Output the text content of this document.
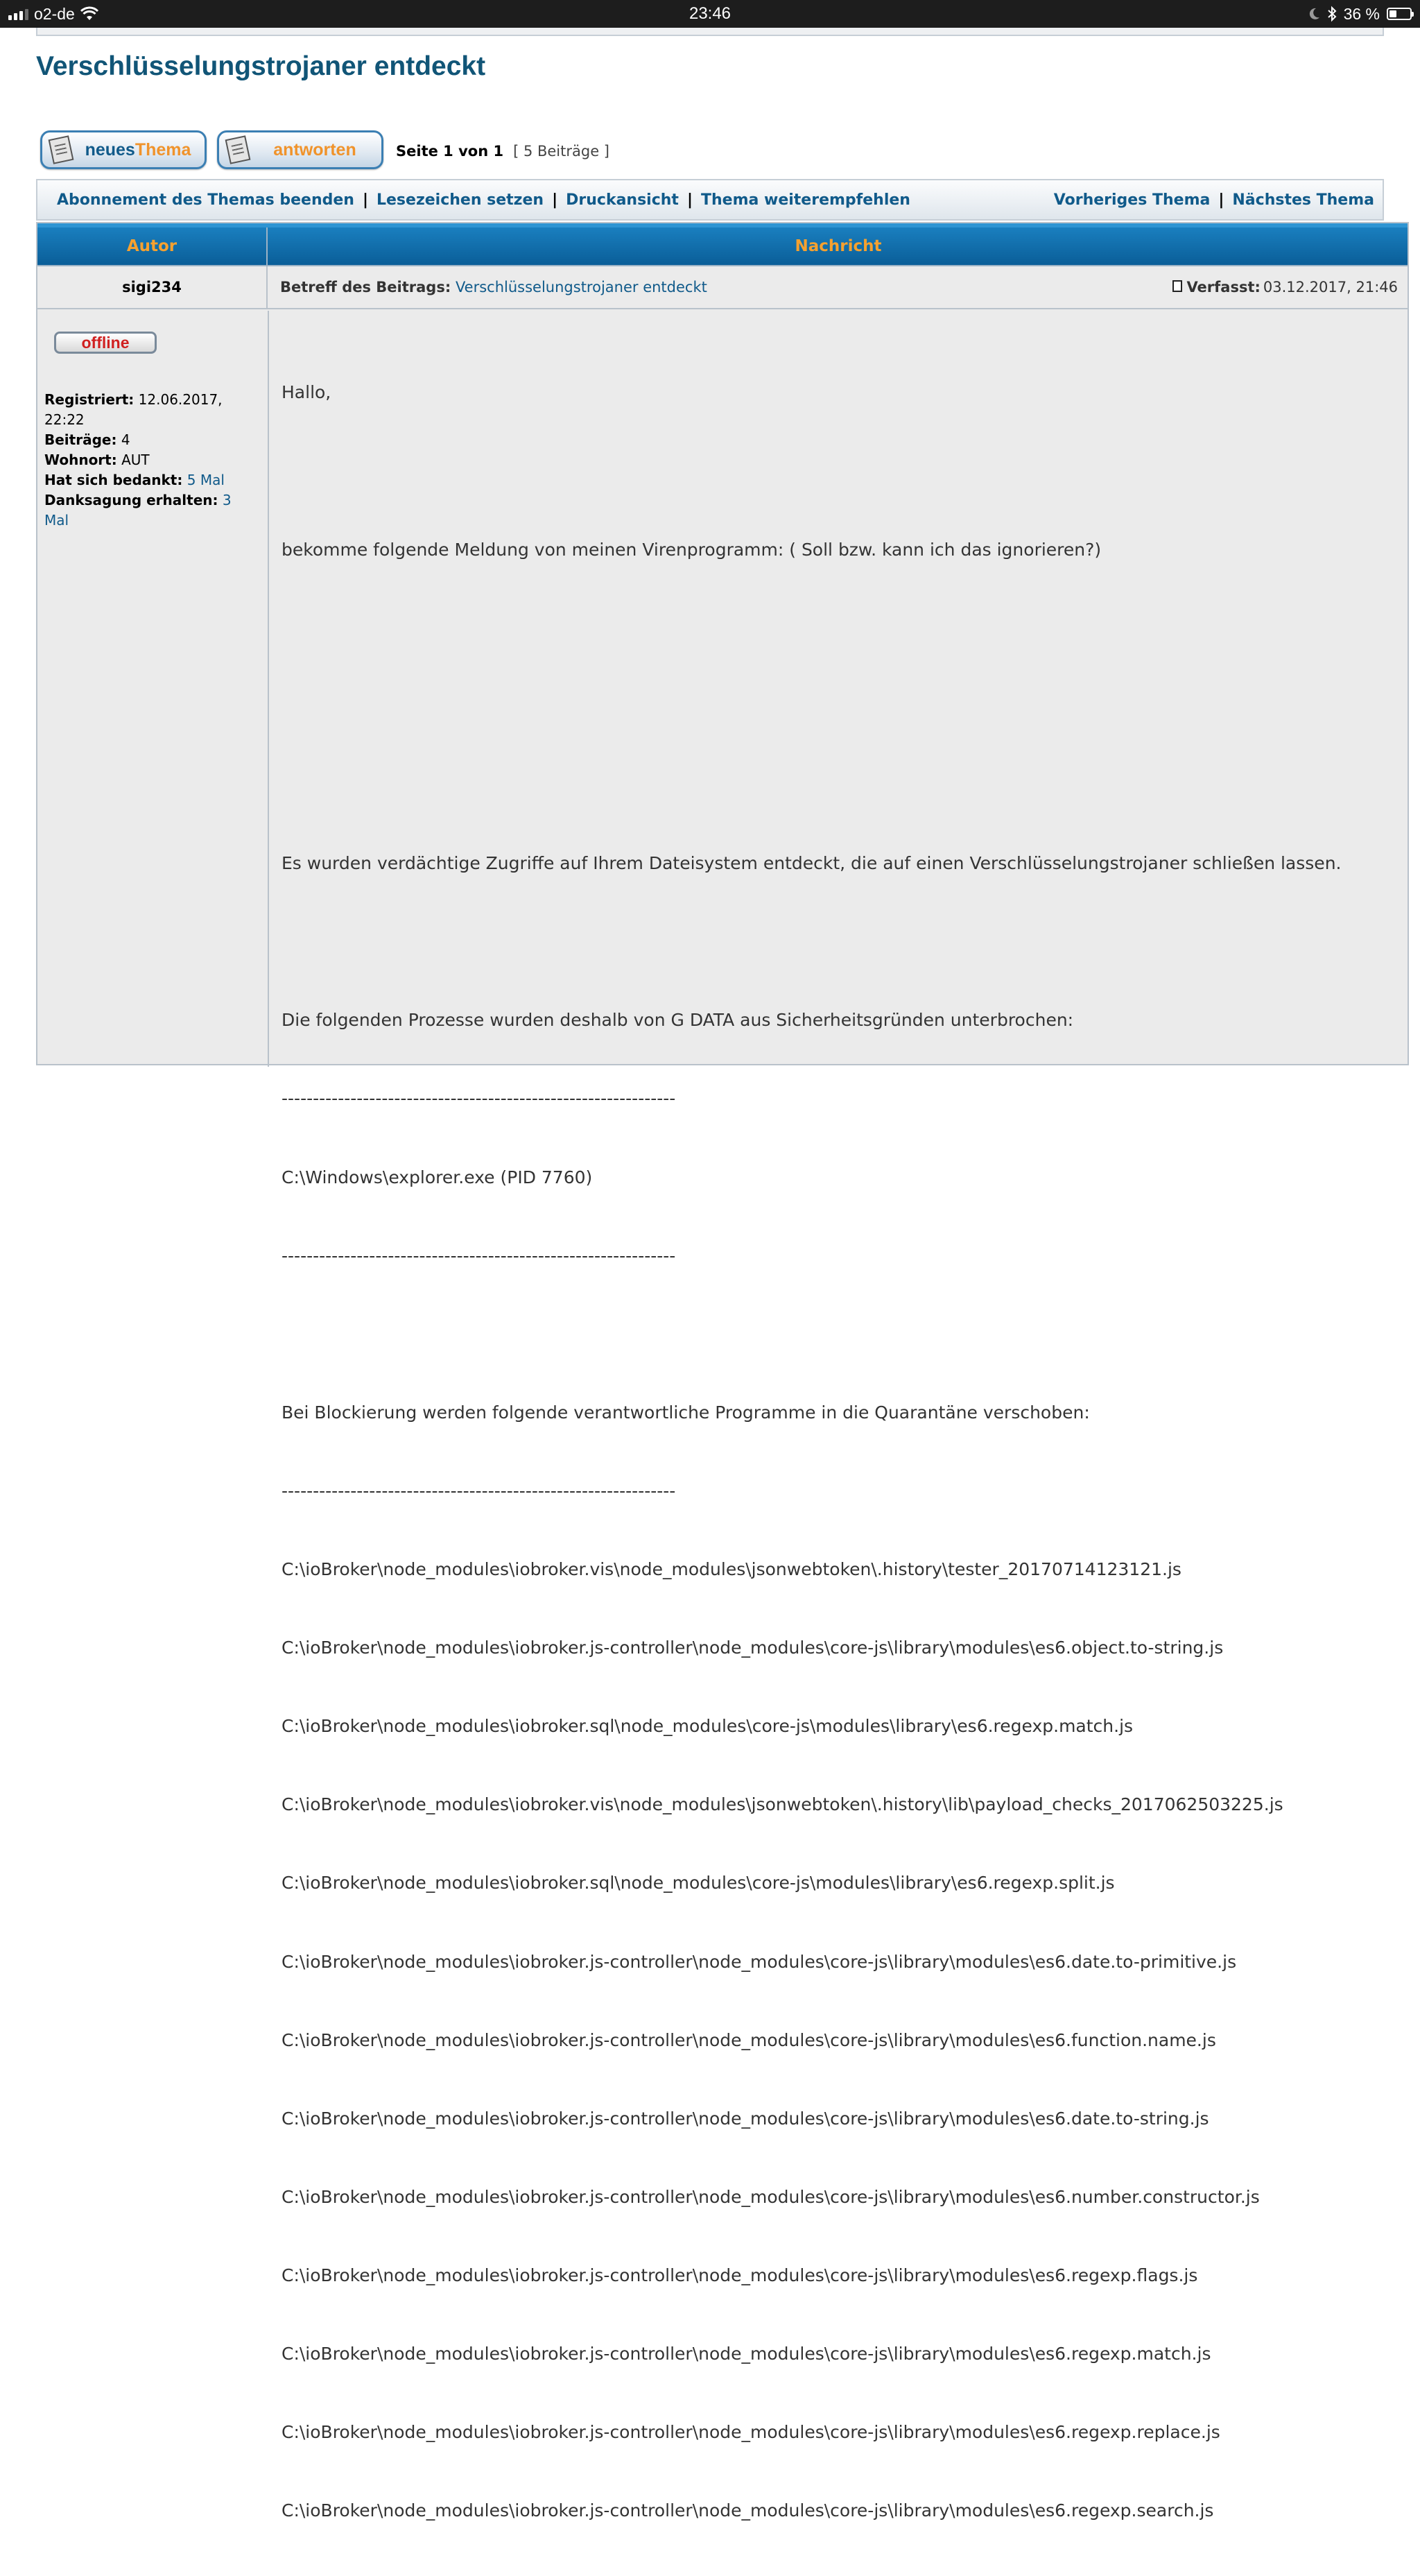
o2-de	23:46	36 %
Verschlüsselungstrojaner entdeckt
neuesThema	antworten	Seite 1 von 1 [ 5 Beiträge ]
Abonnement des Themas beenden | Lesezeichen setzen | Druckansicht | Thema weiterempfehlen	Vorheriges Thema | Nächstes Thema
Autor	Nachricht
sigi234	Betreff des Beitrags: Verschlüsselungstrojaner entdeckt	Verfasst: 03.12.2017, 21:46
offline
Registriert: 12.06.2017, 22:22
Beiträge: 4
Wohnort: AUT
Hat sich bedankt: 5 Mal
Danksagung erhalten: 3 Mal

Hallo,

bekomme folgende Meldung von meinen Virenprogramm: ( Soll bzw. kann ich das ignorieren?)

Es wurden verdächtige Zugriffe auf Ihrem Dateisystem entdeckt, die auf einen Verschlüsselungstrojaner schließen lassen.

Die folgenden Prozesse wurden deshalb von G DATA aus Sicherheitsgründen unterbrochen:

---------------------------------------------------------------

C:\Windows\explorer.exe (PID 7760)

---------------------------------------------------------------

Bei Blockierung werden folgende verantwortliche Programme in die Quarantäne verschoben:

---------------------------------------------------------------

C:\ioBroker\node_modules\iobroker.vis\node_modules\jsonwebtoken\.history\tester_20170714123121.js

C:\ioBroker\node_modules\iobroker.js-controller\node_modules\core-js\library\modules\es6.object.to-string.js

C:\ioBroker\node_modules\iobroker.sql\node_modules\core-js\modules\library\es6.regexp.match.js

C:\ioBroker\node_modules\iobroker.vis\node_modules\jsonwebtoken\.history\lib\payload_checks_2017062503225.js

C:\ioBroker\node_modules\iobroker.sql\node_modules\core-js\modules\library\es6.regexp.split.js

C:\ioBroker\node_modules\iobroker.js-controller\node_modules\core-js\library\modules\es6.date.to-primitive.js

C:\ioBroker\node_modules\iobroker.js-controller\node_modules\core-js\library\modules\es6.function.name.js

C:\ioBroker\node_modules\iobroker.js-controller\node_modules\core-js\library\modules\es6.date.to-string.js

C:\ioBroker\node_modules\iobroker.js-controller\node_modules\core-js\library\modules\es6.number.constructor.js

C:\ioBroker\node_modules\iobroker.js-controller\node_modules\core-js\library\modules\es6.regexp.flags.js

C:\ioBroker\node_modules\iobroker.js-controller\node_modules\core-js\library\modules\es6.regexp.match.js

C:\ioBroker\node_modules\iobroker.js-controller\node_modules\core-js\library\modules\es6.regexp.replace.js

C:\ioBroker\node_modules\iobroker.js-controller\node_modules\core-js\library\modules\es6.regexp.search.js
